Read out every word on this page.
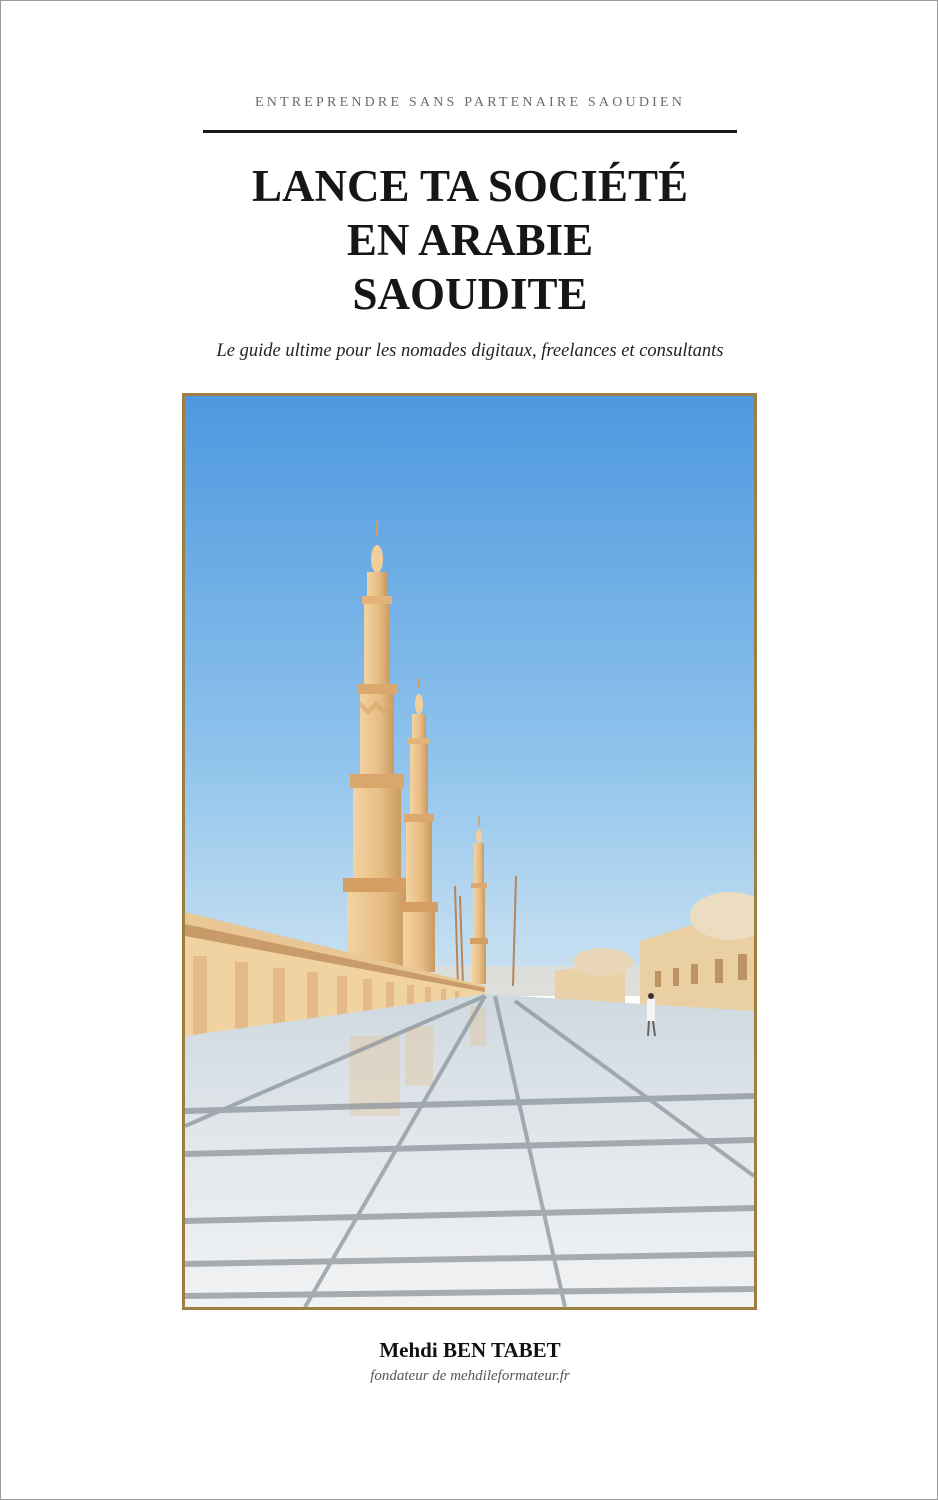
ENTREPRENDRE SANS PARTENAIRE SAOUDIEN
LANCE TA SOCIÉTÉ
EN ARABIE
SAOUDITE
Le guide ultime pour les nomades digitaux, freelances et consultants
Mehdi BEN TABET
fondateur de mehdileformateur.fr
